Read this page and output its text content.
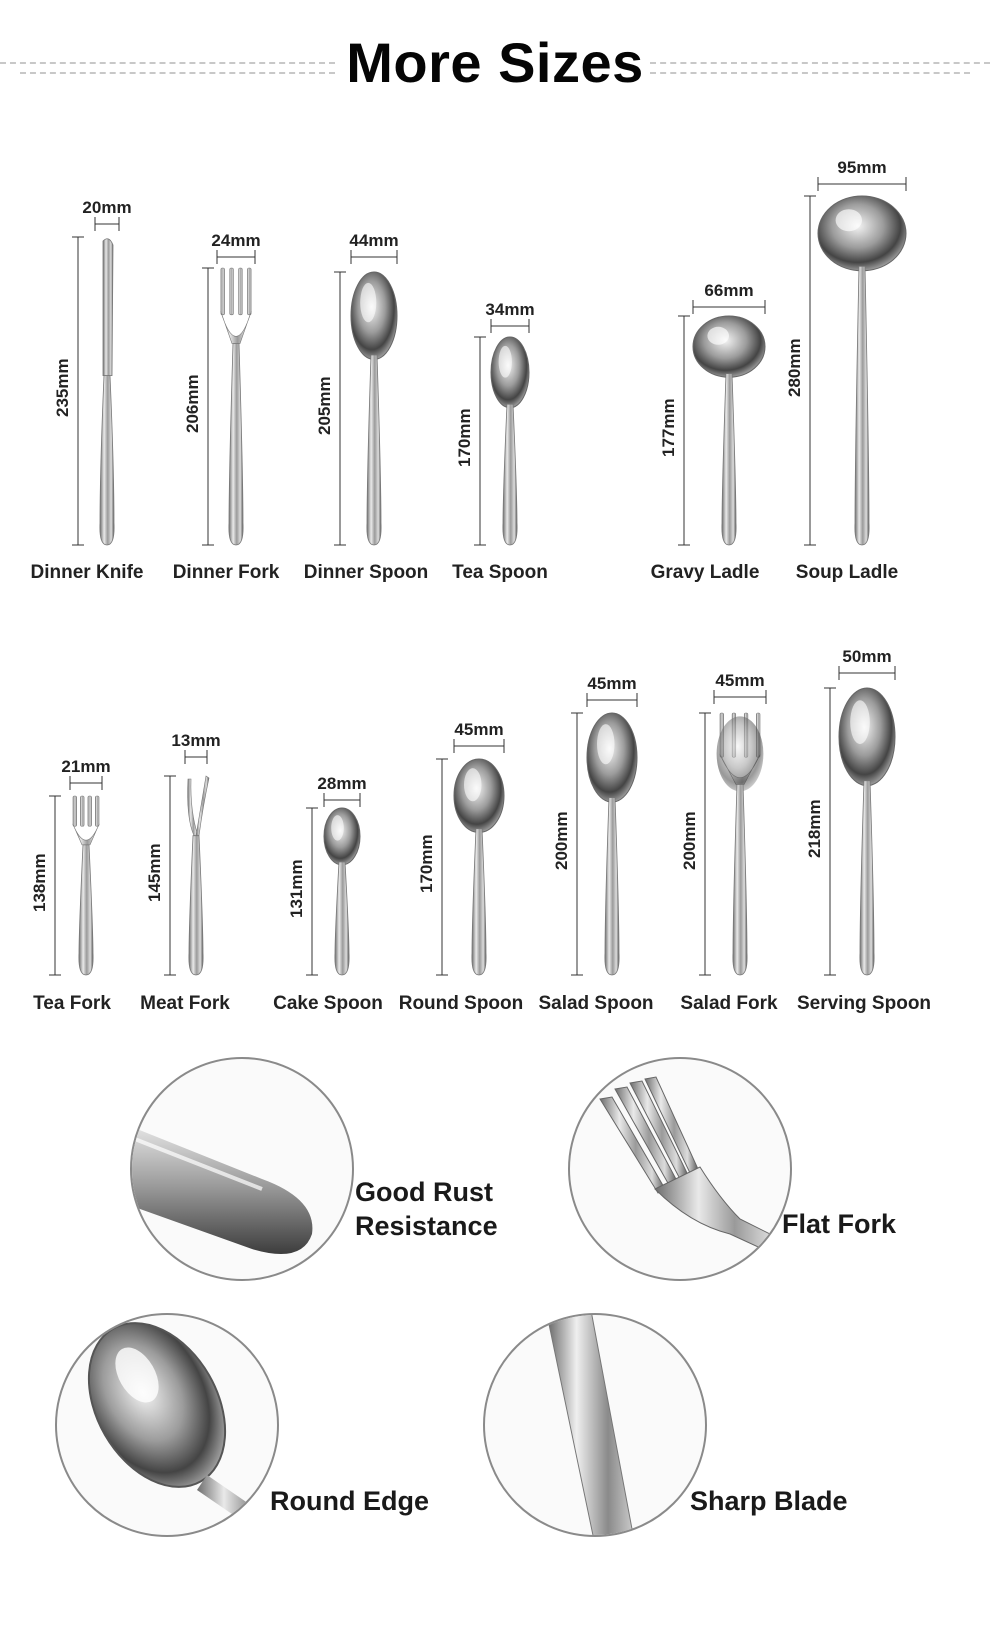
More Sizes
20mm
235mm
Dinner Knife
24mm
206mm
Dinner Fork
44mm
205mm
Dinner Spoon
34mm
170mm
Tea Spoon
66mm
177mm
Gravy Ladle
95mm
280mm
Soup Ladle
21mm
138mm
Tea Fork
13mm
145mm
Meat Fork
28mm
131mm
Cake Spoon
45mm
170mm
Round Spoon
45mm
200mm
Salad Spoon
45mm
200mm
Salad Fork
50mm
218mm
Serving Spoon
Good Rust
Resistance	Flat Fork
Round Edge	Sharp Blade
